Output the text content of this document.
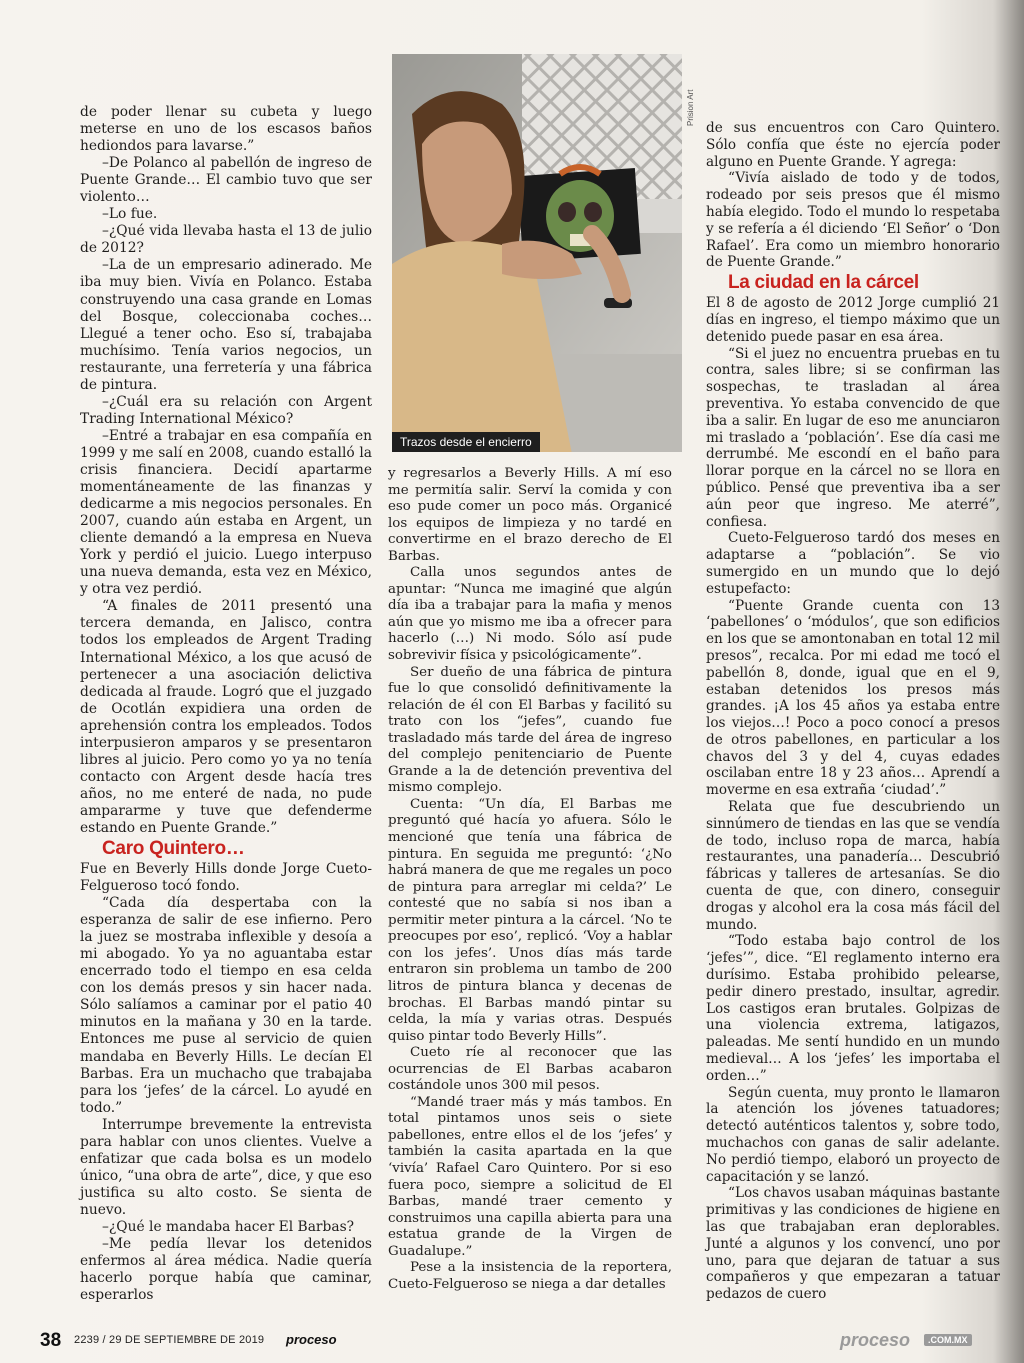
Trazos desde el encierro
Prision Art

de poder llenar su cubeta y luego meterse en uno de los escasos baños hediondos para lavarse.”

–De Polanco al pabellón de ingreso de Puente Grande… El cambio tuvo que ser violento…

–Lo fue.

–¿Qué vida llevaba hasta el 13 de julio de 2012?

–La de un empresario adinerado. Me iba muy bien. Vivía en Polanco. Estaba construyendo una casa grande en Lomas del Bosque, coleccionaba coches… Llegué a tener ocho. Eso sí, trabajaba muchísimo. Tenía varios negocios, un restaurante, una ferretería y una fábrica de pintura.

–¿Cuál era su relación con Argent Trading International México?

–Entré a trabajar en esa compañía en 1999 y me salí en 2008, cuando estalló la crisis financiera. Decidí apartarme momentáneamente de las finanzas y dedicarme a mis negocios personales. En 2007, cuando aún estaba en Argent, un cliente demandó a la empresa en Nueva York y perdió el juicio. Luego interpuso una nueva demanda, esta vez en México, y otra vez perdió.

“A finales de 2011 presentó una tercera demanda, en Jalisco, contra todos los empleados de Argent Trading International México, a los que acusó de pertenecer a una asociación delictiva dedicada al fraude. Logró que el juzgado de Ocotlán expidiera una orden de aprehensión contra los empleados. Todos interpusieron amparos y se presentaron libres al juicio. Pero como yo ya no tenía contacto con Argent desde hacía tres años, no me enteré de nada, no pude ampararme y tuve que defenderme estando en Puente Grande.”

Caro Quintero…

Fue en Beverly Hills donde Jorge Cueto-Felgueroso tocó fondo.

“Cada día despertaba con la esperanza de salir de ese infierno. Pero la juez se mostraba inflexible y desoía a mi abogado. Yo ya no aguantaba estar encerrado todo el tiempo en esa celda con los demás presos y sin hacer nada. Sólo salíamos a caminar por el patio 40 minutos en la mañana y 30 en la tarde. Entonces me puse al servicio de quien mandaba en Beverly Hills. Le decían El Barbas. Era un muchacho que trabajaba para los ‘jefes’ de la cárcel. Lo ayudé en todo.”

Interrumpe brevemente la entrevista para hablar con unos clientes. Vuelve a enfatizar que cada bolsa es un modelo único, “una obra de arte”, dice, y que eso justifica su alto costo. Se sienta de nuevo.

–¿Qué le mandaba hacer El Barbas?

–Me pedía llevar los detenidos enfermos al área médica. Nadie quería hacerlo porque había que caminar, esperarlos

y regresarlos a Beverly Hills. A mí eso me permitía salir. Serví la comida y con eso pude comer un poco más. Organicé los equipos de limpieza y no tardé en convertirme en el brazo derecho de El Barbas.

Calla unos segundos antes de apuntar: “Nunca me imaginé que algún día iba a trabajar para la mafia y menos aún que yo mismo me iba a ofrecer para hacerlo (…) Ni modo. Sólo así pude sobrevivir física y psicológicamente”.

Ser dueño de una fábrica de pintura fue lo que consolidó definitivamente la relación de él con El Barbas y facilitó su trato con los “jefes”, cuando fue trasladado más tarde del área de ingreso del complejo penitenciario de Puente Grande a la de detención preventiva del mismo complejo.

Cuenta: “Un día, El Barbas me preguntó qué hacía yo afuera. Sólo le mencioné que tenía una fábrica de pintura. En seguida me preguntó: ‘¿No habrá manera de que me regales un poco de pintura para arreglar mi celda?’ Le contesté que no sabía si nos iban a permitir meter pintura a la cárcel. ‘No te preocupes por eso’, replicó. ‘Voy a hablar con los jefes’. Unos días más tarde entraron sin problema un tambo de 200 litros de pintura blanca y decenas de brochas. El Barbas mandó pintar su celda, la mía y varias otras. Después quiso pintar todo Beverly Hills”.

Cueto ríe al reconocer que las ocurrencias de El Barbas acabaron costándole unos 300 mil pesos.

“Mandé traer más y más tambos. En total pintamos unos seis o siete pabellones, entre ellos el de los ‘jefes’ y también la casita apartada en la que ‘vivía’ Rafael Caro Quintero. Por si eso fuera poco, siempre a solicitud de El Barbas, mandé traer cemento y construimos una capilla abierta para una estatua grande de la Virgen de Guadalupe.”

Pese a la insistencia de la reportera, Cueto-Felgueroso se niega a dar detalles

de sus encuentros con Caro Quintero. Sólo confía que éste no ejercía poder alguno en Puente Grande. Y agrega:

“Vivía aislado de todo y de todos, rodeado por seis presos que él mismo había elegido. Todo el mundo lo respetaba y se refería a él diciendo ‘El Señor’ o ‘Don Rafael’. Era como un miembro honorario de Puente Grande.”

La ciudad en la cárcel

El 8 de agosto de 2012 Jorge cumplió 21 días en ingreso, el tiempo máximo que un detenido puede pasar en esa área.

“Si el juez no encuentra pruebas en tu contra, sales libre; si se confirman las sospechas, te trasladan al área preventiva. Yo estaba convencido de que iba a salir. En lugar de eso me anunciaron mi traslado a ‘población’. Ese día casi me derrumbé. Me escondí en el baño para llorar porque en la cárcel no se llora en público. Pensé que preventiva iba a ser aún peor que ingreso. Me aterré”, confiesa.

Cueto-Felgueroso tardó dos meses en adaptarse a “población”. Se vio sumergido en un mundo que lo dejó estupefacto:

“Puente Grande cuenta con 13 ‘pabellones’ o ‘módulos’, que son edificios en los que se amontonaban en total 12 mil presos”, recalca. Por mi edad me tocó el pabellón 8, donde, igual que en el 9, estaban detenidos los presos más grandes. ¡A los 45 años ya estaba entre los viejos…! Poco a poco conocí a presos de otros pabellones, en particular a los chavos del 3 y del 4, cuyas edades oscilaban entre 18 y 23 años… Aprendí a moverme en esa extraña ‘ciudad’.”

Relata que fue descubriendo un sinnúmero de tiendas en las que se vendía de todo, incluso ropa de marca, había restaurantes, una panadería… Descubrió fábricas y talleres de artesanías. Se dio cuenta de que, con dinero, conseguir drogas y alcohol era la cosa más fácil del mundo.

“Todo estaba bajo control de los ‘jefes’”, dice. “El reglamento interno era durísimo. Estaba prohibido pelearse, pedir dinero prestado, insultar, agredir. Los castigos eran brutales. Golpizas de una violencia extrema, latigazos, paleadas. Me sentí hundido en un mundo medieval… A los ‘jefes’ les importaba el orden…”

Según cuenta, muy pronto le llamaron la atención los jóvenes tatuadores; detectó auténticos talentos y, sobre todo, muchachos con ganas de salir adelante. No perdió tiempo, elaboró un proyecto de capacitación y se lanzó.

“Los chavos usaban máquinas bastante primitivas y las condiciones de higiene en las que trabajaban eran deplorables. Junté a algunos y los convencí, uno por uno, para que dejaran de tatuar a sus compañeros y que empezaran a tatuar pedazos de cuero

38 2239 / 29 DE SEPTIEMBRE DE 2019 proceso	proceso	.COM.MX
